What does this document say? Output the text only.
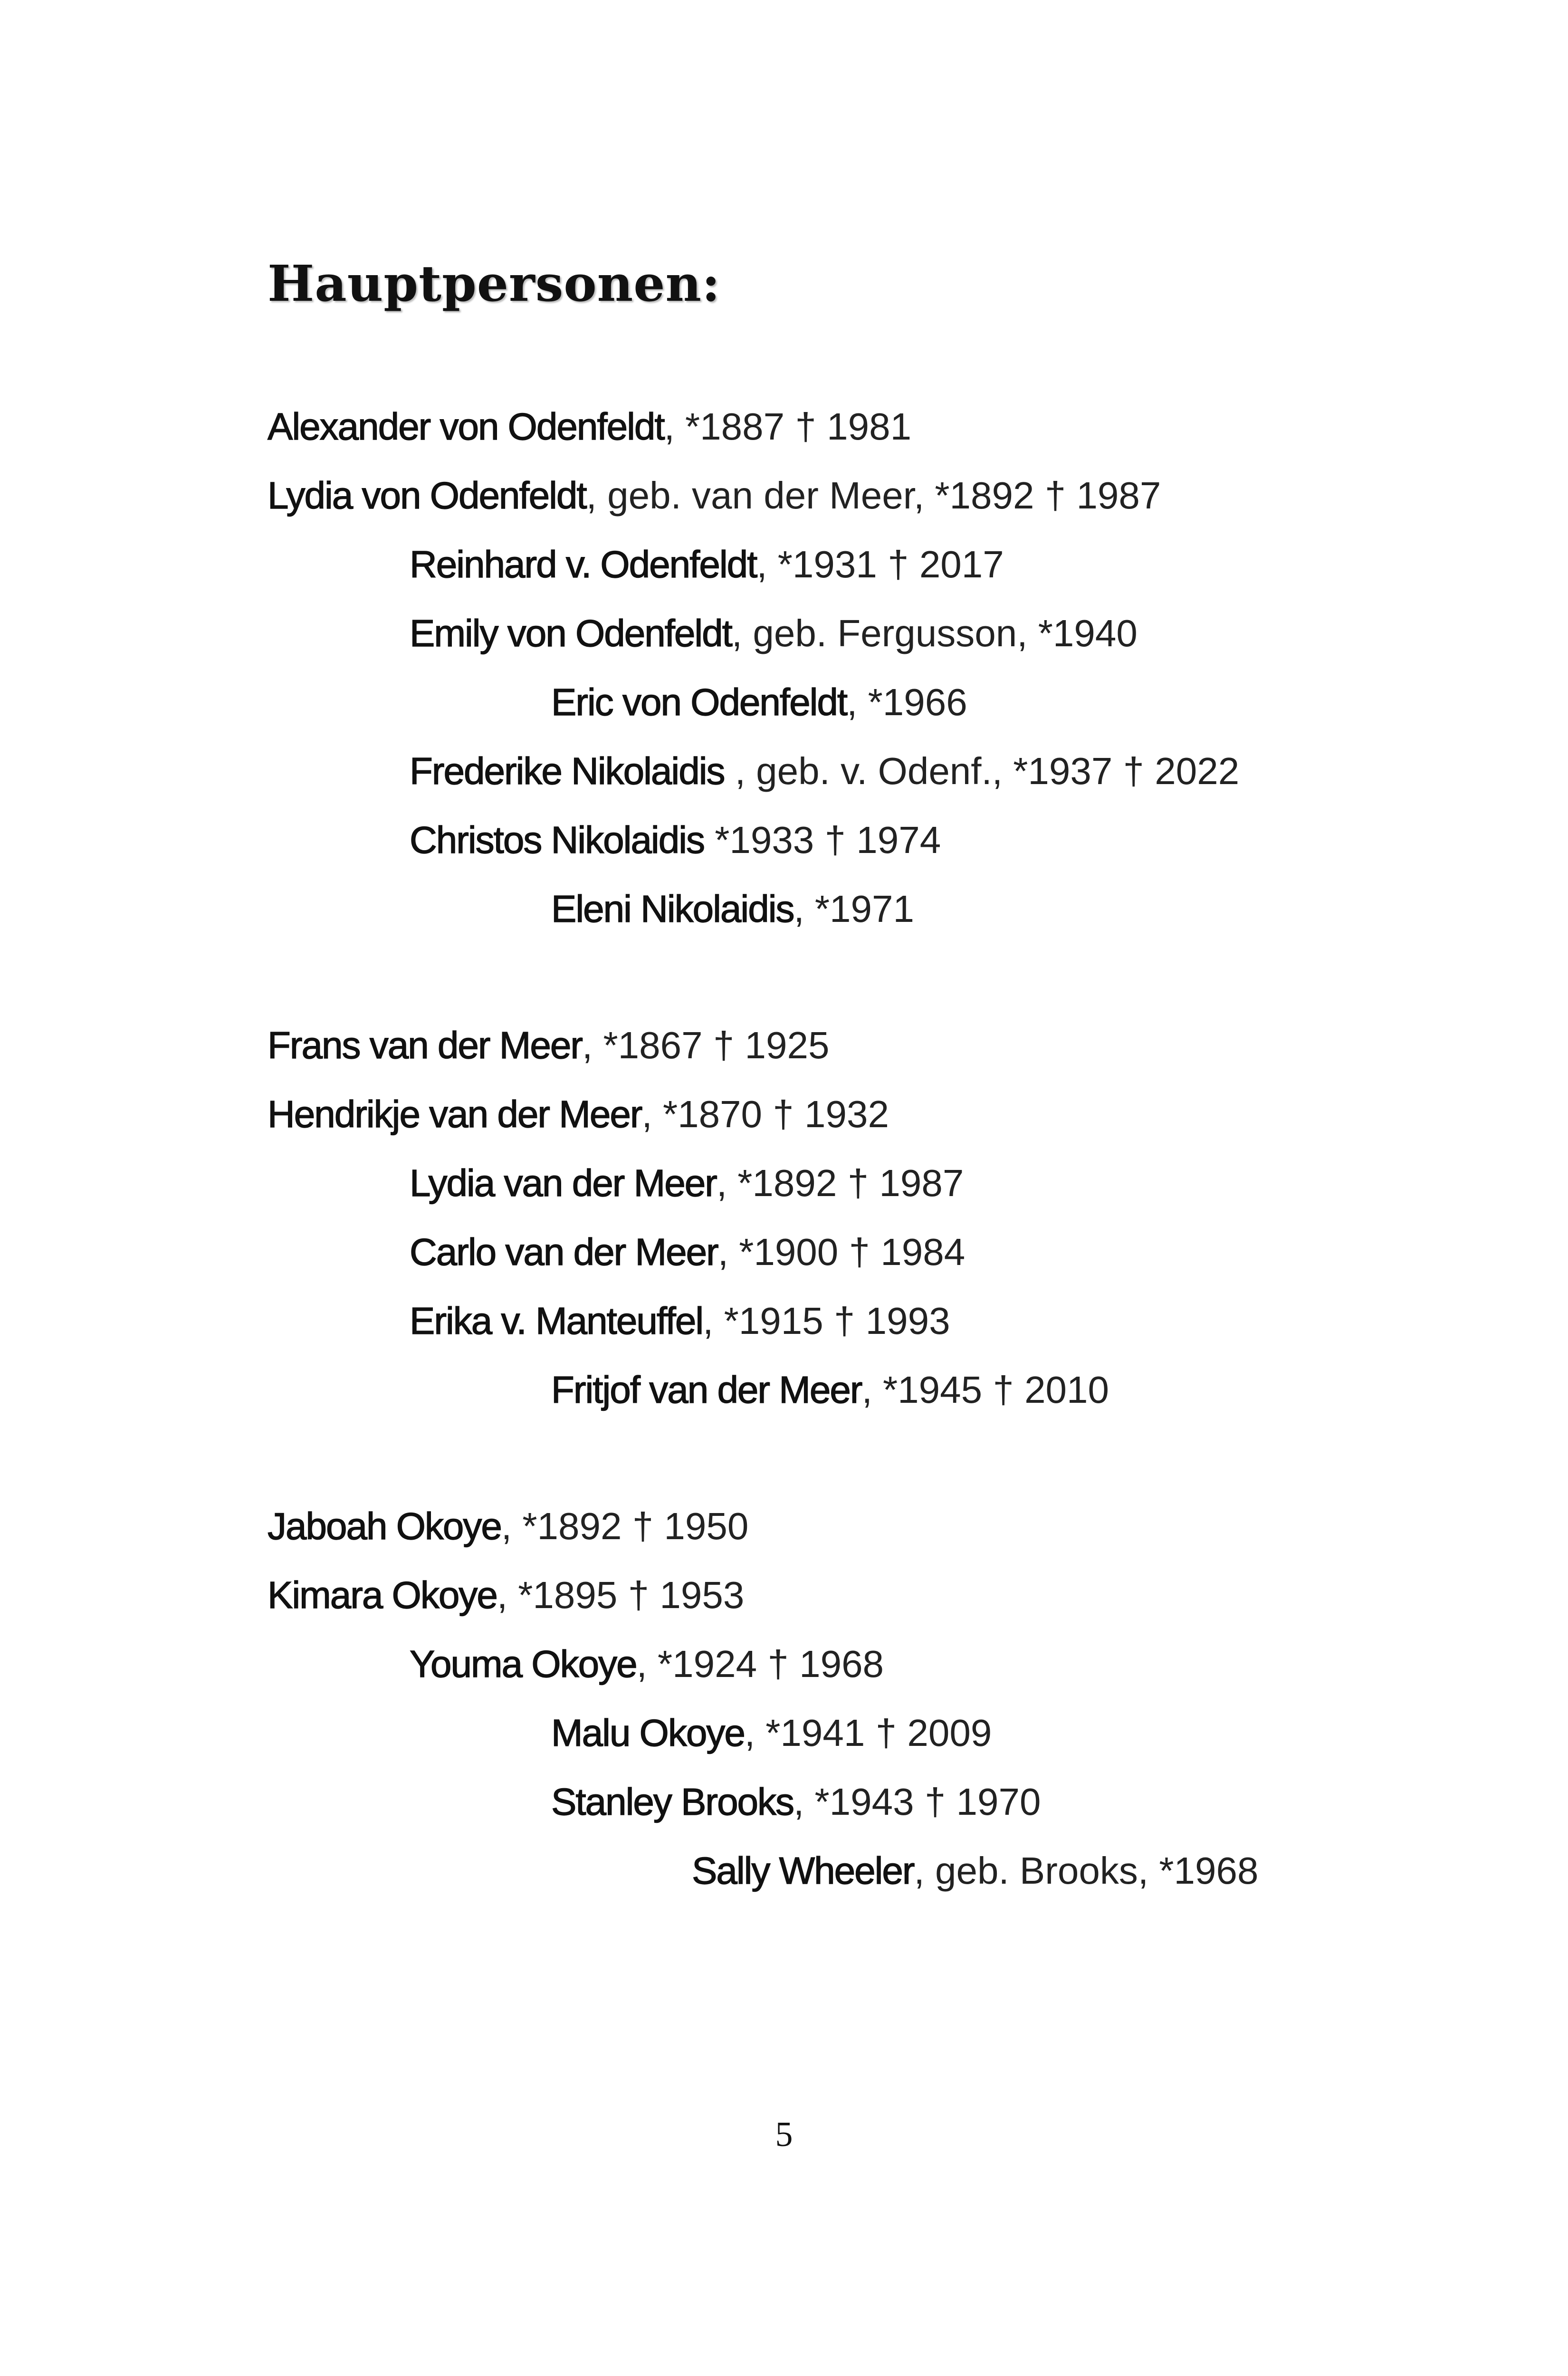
Hauptpersonen:
Alexander von Odenfeldt, *1887 † 1981
Lydia von Odenfeldt, geb. van der Meer, *1892 † 1987
Reinhard v. Odenfeldt, *1931 † 2017
Emily von Odenfeldt, geb. Fergusson, *1940
Eric von Odenfeldt, *1966
Frederike Nikolaidis , geb. v. Odenf., *1937 † 2022
Christos Nikolaidis *1933 † 1974
Eleni Nikolaidis, *1971
Frans van der Meer, *1867 † 1925
Hendrikje van der Meer, *1870 † 1932
Lydia van der Meer, *1892 † 1987
Carlo van der Meer, *1900 † 1984
Erika v. Manteuffel, *1915 † 1993
Fritjof van der Meer, *1945 † 2010
Jaboah Okoye, *1892 † 1950
Kimara Okoye, *1895 † 1953
Youma Okoye, *1924 † 1968
Malu Okoye, *1941 † 2009
Stanley Brooks, *1943 † 1970
Sally Wheeler, geb. Brooks, *1968
5
